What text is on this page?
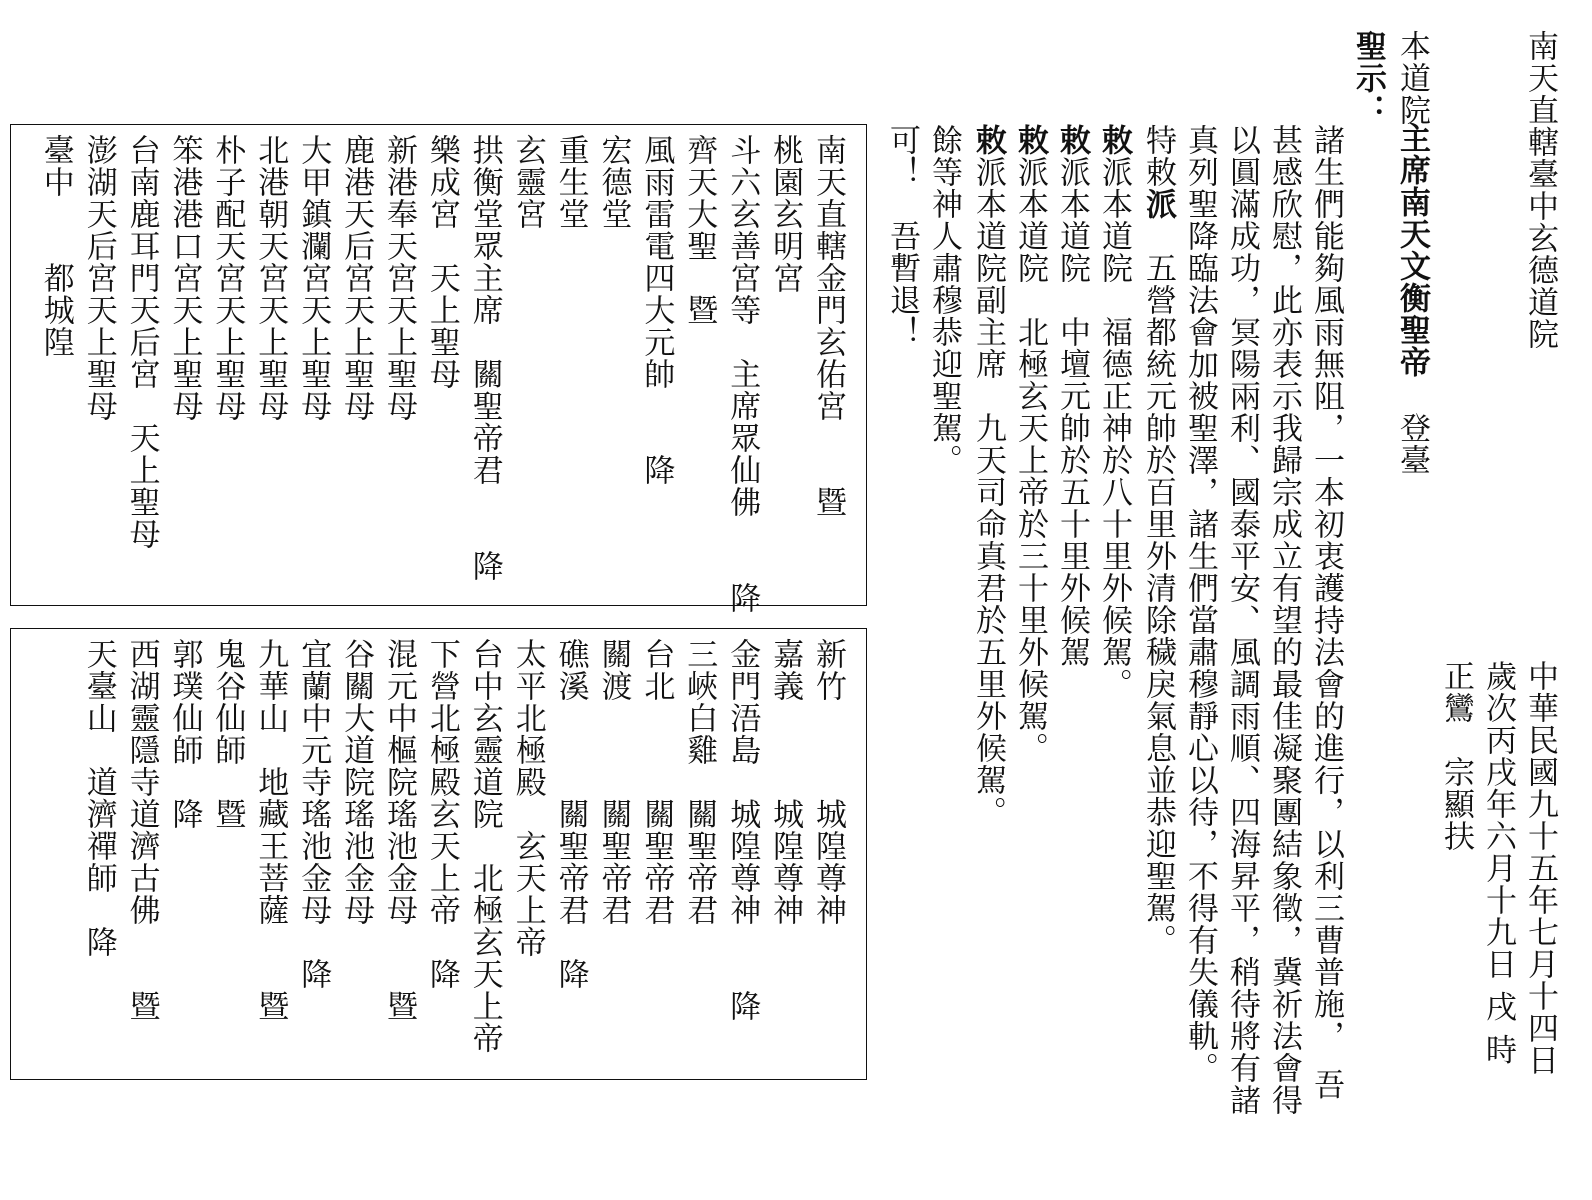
南天直轄臺中玄德道院
中華民國九十五年七月十四日
歲次丙戌年六月十九日 戌 時
正鸞　宗顯扶
本道院
主席南天文衡聖帝
登臺
聖示：
諸生們能夠風雨無阻，一本初衷護持法會的進行，以利三曹普施，　吾
甚感欣慰，此亦表示我歸宗成立有望的最佳凝聚團結象徵，冀祈法會得
以圓滿成功，冥陽兩利、國泰平安、風調雨順、四海昇平，稍待將有諸
真列聖降臨法會加被聖澤，諸生們當肅穆靜心以待，不得有失儀軌。
特敕派　五營都統元帥於百里外清除穢戾氣息並恭迎聖駕。
敕派本道院　福德正神於八十里外候駕。
敕派本道院　中壇元帥於五十里外候駕
敕派本道院　北極玄天上帝於三十里外候駕。
敕派本道院副主席　九天司命真君於五里外候駕。
餘等神人肅穆恭迎聖駕。
可！　吾暫退！
南天直轄金門玄佑宮　　暨
桃園玄明宮
斗六玄善宮等　主席眾仙佛　　降
齊天大聖　暨
風雨雷電四大元帥　　降
宏德堂
重生堂
玄靈宮
拱衡堂眾主席　關聖帝君　　降
樂成宮　天上聖母
新港奉天宮天上聖母
鹿港天后宮天上聖母
大甲鎮瀾宮天上聖母
北港朝天宮天上聖母
朴子配天宮天上聖母
笨港港口宮天上聖母
台南鹿耳門天后宮　天上聖母
澎湖天后宮天上聖母
臺中　　都城隍
新竹　　　城隍尊神
嘉義　　　城隍尊神
金門浯島　城隍尊神　　降
三峽白雞　關聖帝君
台北　　　關聖帝君
關渡　　　關聖帝君
礁溪　　　關聖帝君　降
太平北極殿　玄天上帝
台中玄靈道院　北極玄天上帝
下營北極殿玄天上帝　降
混元中樞院瑤池金母　　暨
谷關大道院瑤池金母
宜蘭中元寺瑤池金母　降
九華山　地藏王菩薩　　暨
鬼谷仙師　暨
郭璞仙師　降
西湖靈隱寺道濟古佛　　暨
天臺山　道濟禪師　降
